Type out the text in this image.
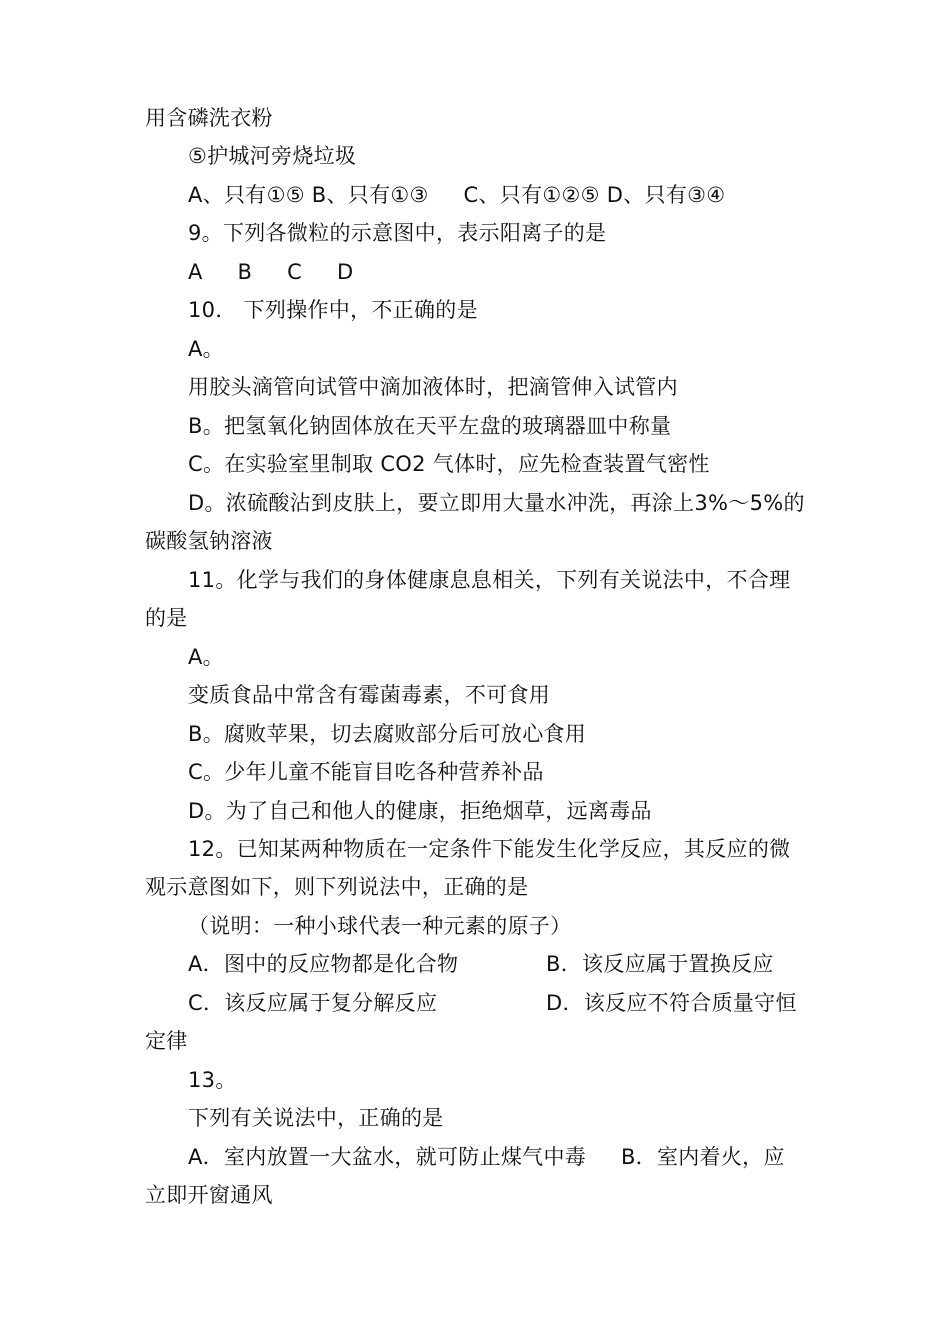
用含磷洗衣粉
⑤护城河旁烧垃圾
A、只有①⑤ B、只有①③     C、只有①②⑤ D、只有③④
9。下列各微粒的示意图中，表示阳离子的是
A     B     C     D
10． 下列操作中，不正确的是
A。
用胶头滴管向试管中滴加液体时，把滴管伸入试管内
B。把氢氧化钠固体放在天平左盘的玻璃器皿中称量
C。在实验室里制取 CO2 气体时，应先检查装置气密性
D。浓硫酸沾到皮肤上，要立即用大量水冲洗，再涂上3%～5%的
碳酸氢钠溶液
11。化学与我们的身体健康息息相关，下列有关说法中，不合理
的是
A。
变质食品中常含有霉菌毒素，不可食用
B。腐败苹果，切去腐败部分后可放心食用
C。少年儿童不能盲目吃各种营养补品
D。为了自己和他人的健康，拒绝烟草，远离毒品
12。已知某两种物质在一定条件下能发生化学反应，其反应的微
观示意图如下，则下列说法中，正确的是
（说明：一种小球代表一种元素的原子）
A．图中的反应物都是化合物	B．该反应属于置换反应
C．该反应属于复分解反应	D．该反应不符合质量守恒
定律
13。
下列有关说法中，正确的是
A．室内放置一大盆水，就可防止煤气中毒     B．室内着火，应
立即开窗通风
